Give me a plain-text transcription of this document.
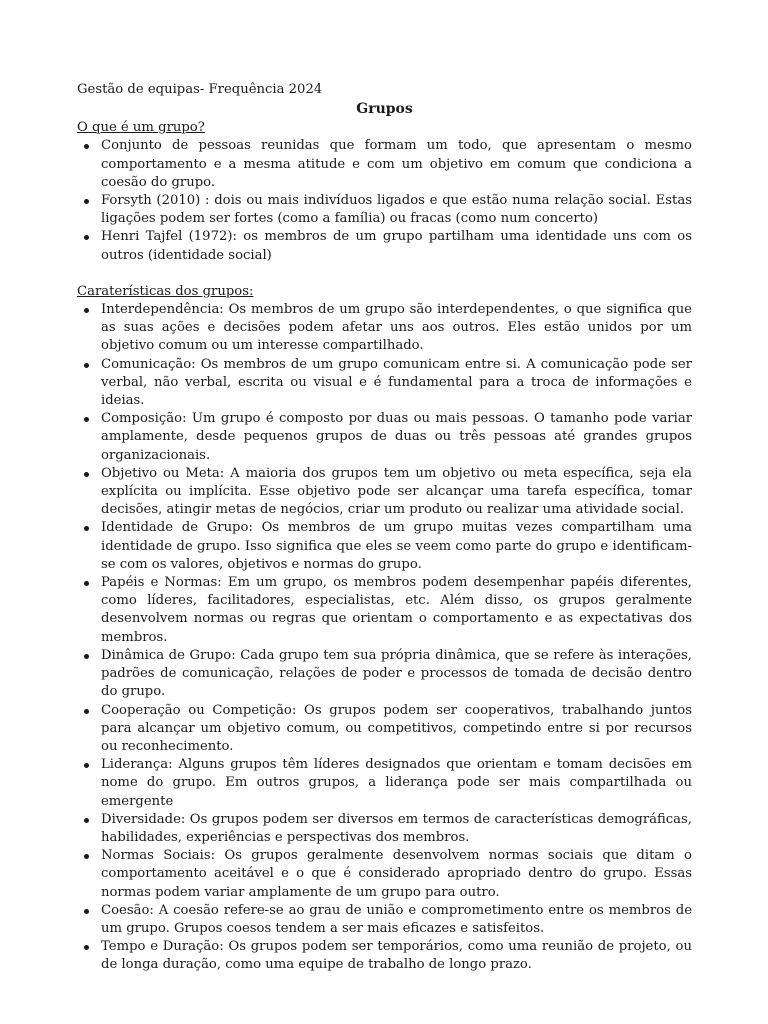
Gestão de equipas- Frequência 2024

Grupos

O que é um grupo?

Conjunto de pessoas reunidas que formam um todo, que apresentam o mesmo comportamento e a mesma atitude e com um objetivo em comum que condiciona a coesão do grupo.
Forsyth (2010) : dois ou mais indivíduos ligados e que estão numa relação social. Estas ligações podem ser fortes (como a família) ou fracas (como num concerto)
Henri Tajfel (1972): os membros de um grupo partilham uma identidade uns com os outros (identidade social)

Caraterísticas dos grupos:

Interdependência: Os membros de um grupo são interdependentes, o que significa que as suas ações e decisões podem afetar uns aos outros. Eles estão unidos por um objetivo comum ou um interesse compartilhado.
Comunicação: Os membros de um grupo comunicam entre si. A comunicação pode ser verbal, não verbal, escrita ou visual e é fundamental para a troca de informações e ideias.
Composição: Um grupo é composto por duas ou mais pessoas. O tamanho pode variar amplamente, desde pequenos grupos de duas ou três pessoas até grandes grupos organizacionais.
Objetivo ou Meta: A maioria dos grupos tem um objetivo ou meta específica, seja ela explícita ou implícita. Esse objetivo pode ser alcançar uma tarefa específica, tomar decisões, atingir metas de negócios, criar um produto ou realizar uma atividade social.
Identidade de Grupo: Os membros de um grupo muitas vezes compartilham uma identidade de grupo. Isso significa que eles se veem como parte do grupo e identificam-se com os valores, objetivos e normas do grupo.
Papéis e Normas: Em um grupo, os membros podem desempenhar papéis diferentes, como líderes, facilitadores, especialistas, etc. Além disso, os grupos geralmente desenvolvem normas ou regras que orientam o comportamento e as expectativas dos membros.
Dinâmica de Grupo: Cada grupo tem sua própria dinâmica, que se refere às interações, padrões de comunicação, relações de poder e processos de tomada de decisão dentro do grupo.
Cooperação ou Competição: Os grupos podem ser cooperativos, trabalhando juntos para alcançar um objetivo comum, ou competitivos, competindo entre si por recursos ou reconhecimento.
Liderança: Alguns grupos têm líderes designados que orientam e tomam decisões em nome do grupo. Em outros grupos, a liderança pode ser mais compartilhada ou emergente
Diversidade: Os grupos podem ser diversos em termos de características demográficas, habilidades, experiências e perspectivas dos membros.
Normas Sociais: Os grupos geralmente desenvolvem normas sociais que ditam o comportamento aceitável e o que é considerado apropriado dentro do grupo. Essas normas podem variar amplamente de um grupo para outro.
Coesão: A coesão refere-se ao grau de união e comprometimento entre os membros de um grupo. Grupos coesos tendem a ser mais eficazes e satisfeitos.
Tempo e Duração: Os grupos podem ser temporários, como uma reunião de projeto, ou de longa duração, como uma equipe de trabalho de longo prazo.
